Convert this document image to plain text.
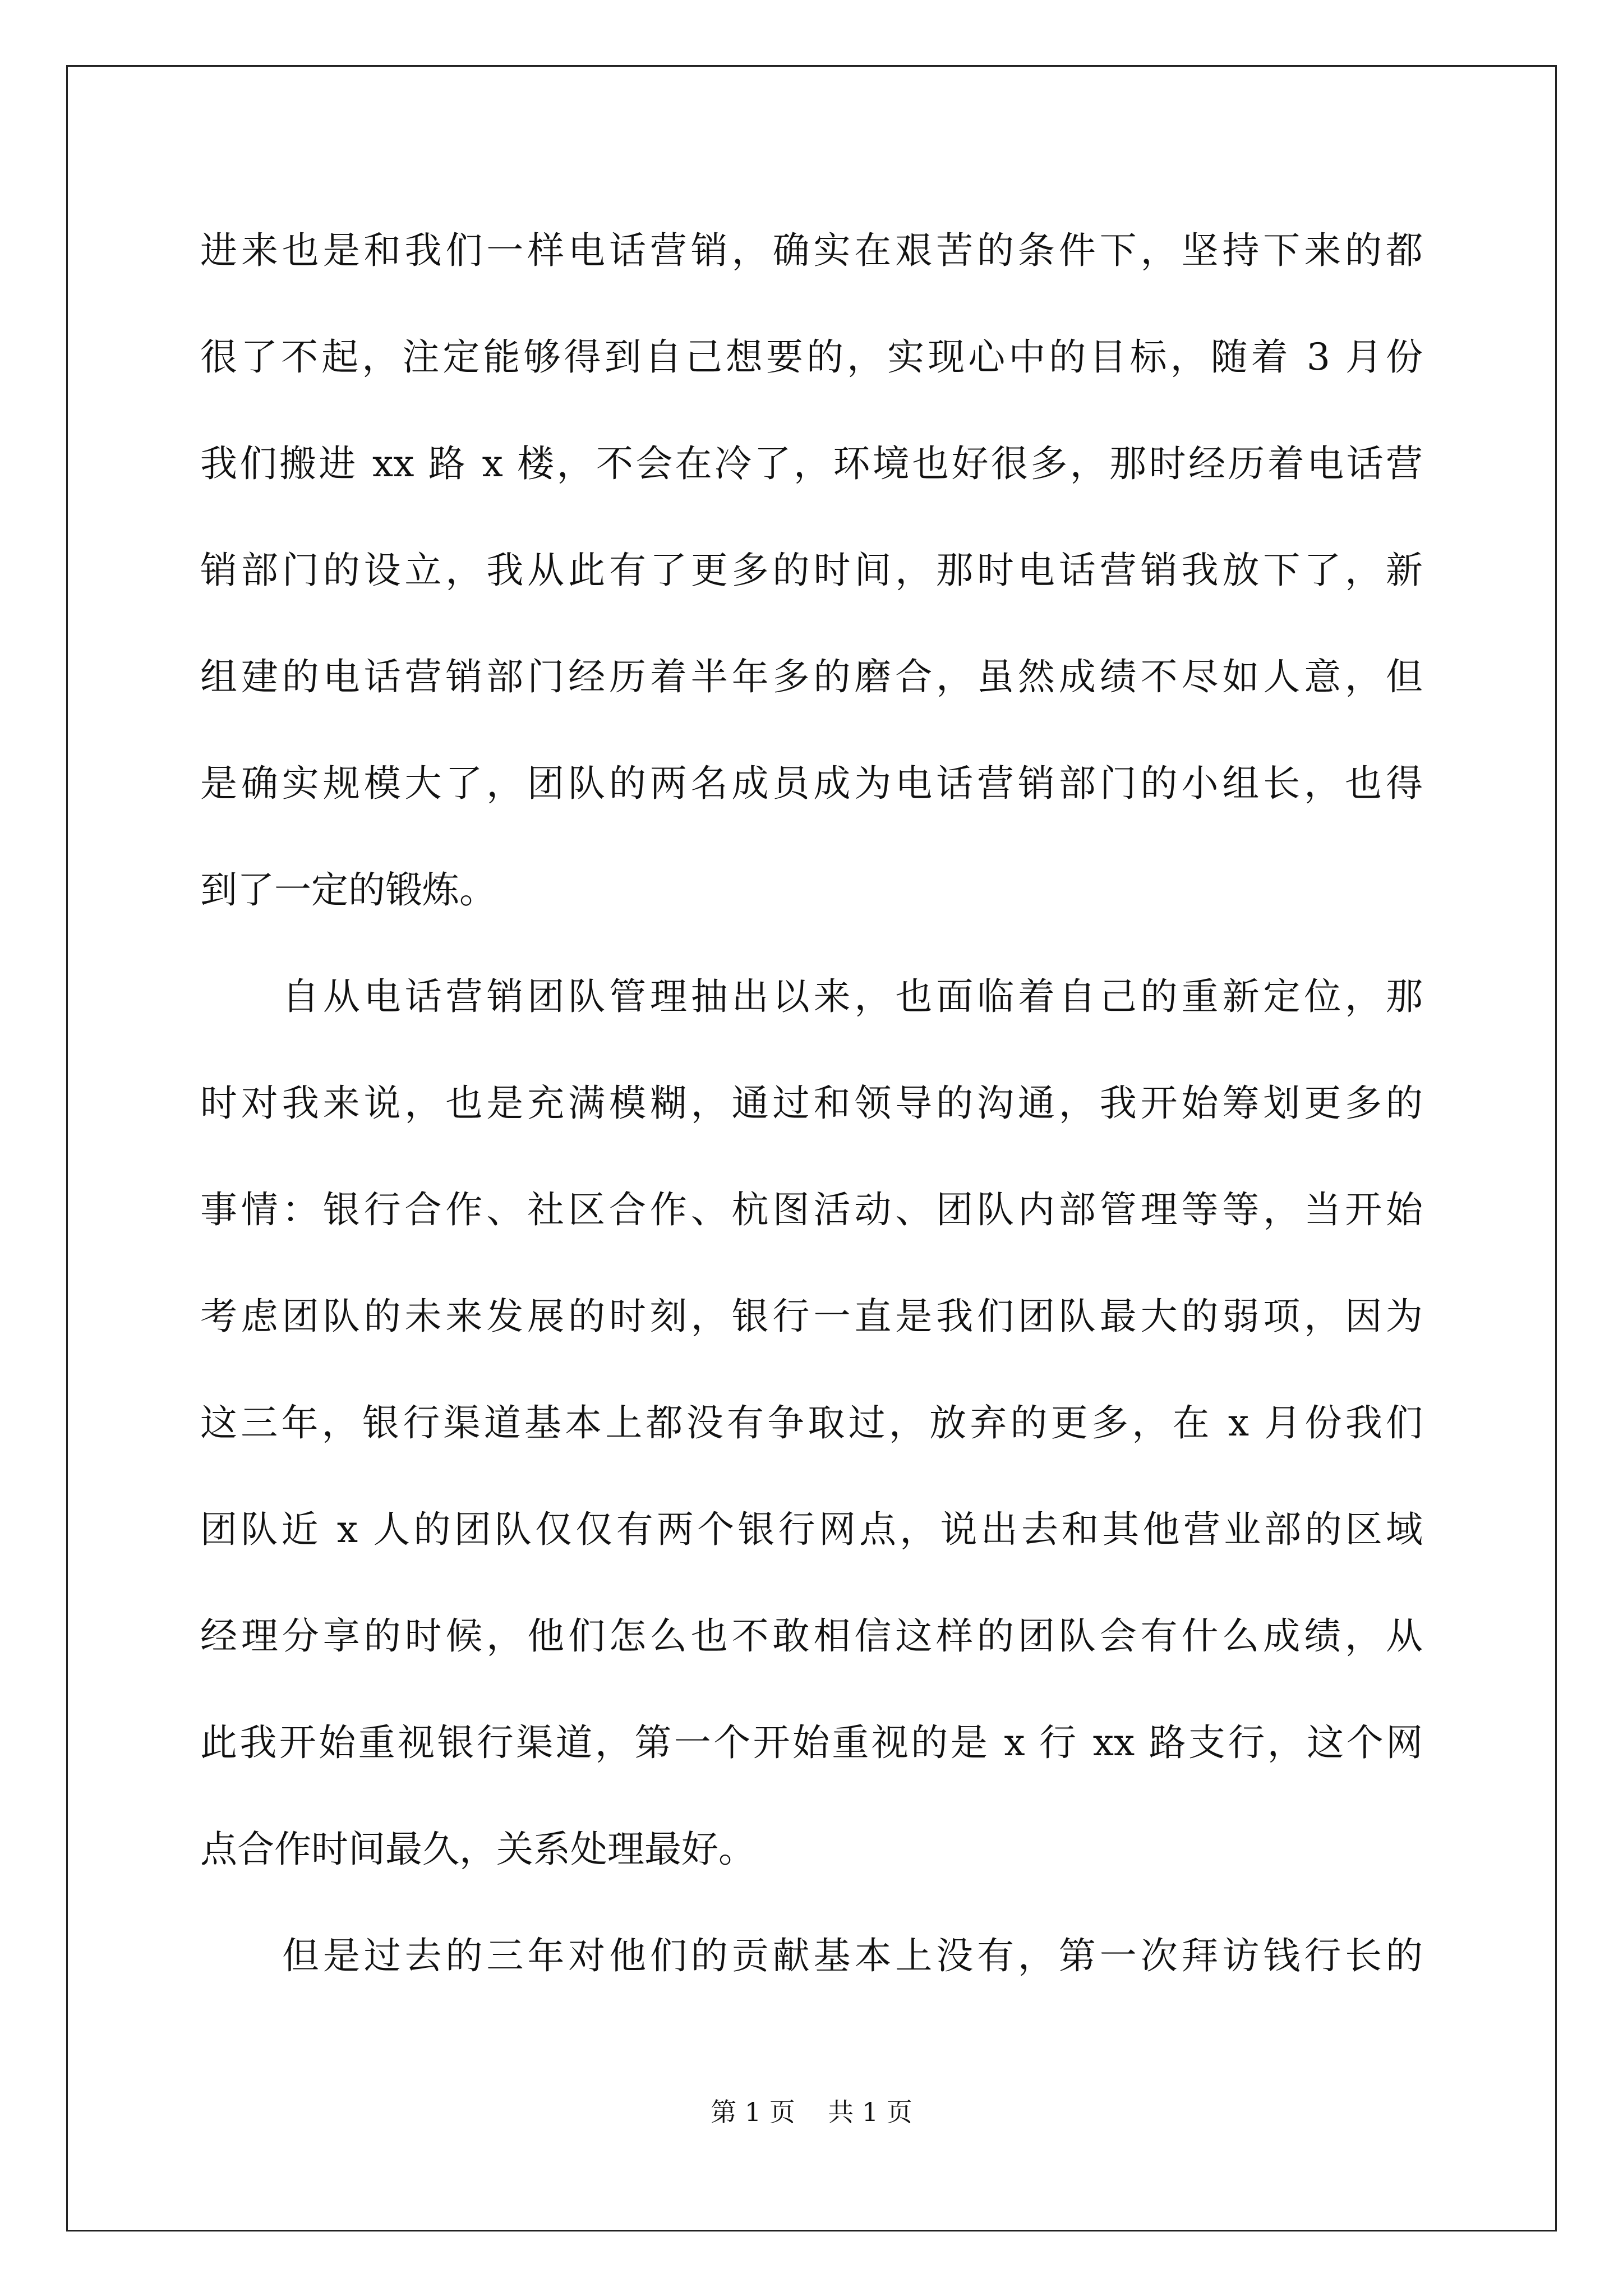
进来也是和我们一样电话营销，确实在艰苦的条件下，坚持下来的都
很了不起，注定能够得到自己想要的，实现心中的目标，随着 3 月份
我们搬进 xx 路 x 楼，不会在冷了，环境也好很多，那时经历着电话营
销部门的设立，我从此有了更多的时间，那时电话营销我放下了，新
组建的电话营销部门经历着半年多的磨合，虽然成绩不尽如人意，但
是确实规模大了，团队的两名成员成为电话营销部门的小组长，也得
到了一定的锻炼。
自从电话营销团队管理抽出以来，也面临着自己的重新定位，那
时对我来说，也是充满模糊，通过和领导的沟通，我开始筹划更多的
事情：银行合作、社区合作、杭图活动、团队内部管理等等，当开始
考虑团队的未来发展的时刻，银行一直是我们团队最大的弱项，因为
这三年，银行渠道基本上都没有争取过，放弃的更多，在 x 月份我们
团队近 x 人的团队仅仅有两个银行网点，说出去和其他营业部的区域
经理分享的时候，他们怎么也不敢相信这样的团队会有什么成绩，从
此我开始重视银行渠道，第一个开始重视的是 x 行 xx 路支行，这个网
点合作时间最久，关系处理最好。
但是过去的三年对他们的贡献基本上没有，第一次拜访钱行长的
第 1 页    共 1 页
